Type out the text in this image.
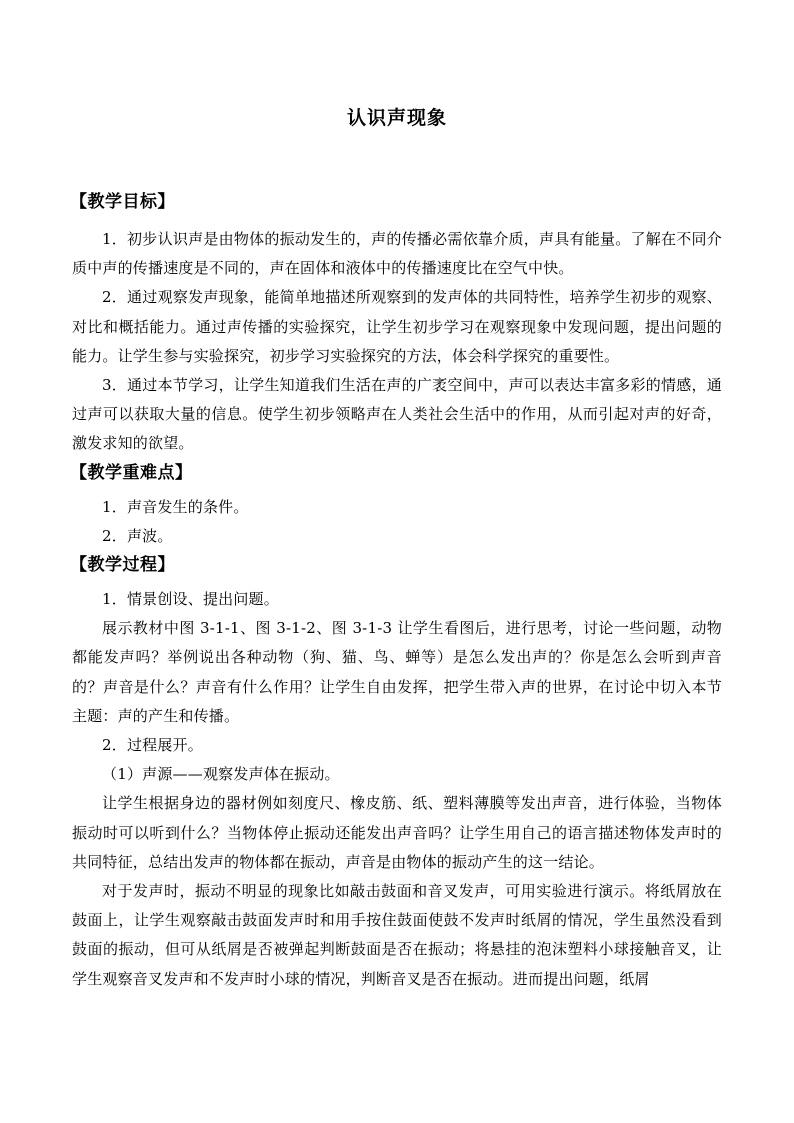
认识声现象

【教学目标】

1．初步认识声是由物体的振动发生的，声的传播必需依靠介质，声具有能量。了解在不同介质中声的传播速度是不同的，声在固体和液体中的传播速度比在空气中快。

2．通过观察发声现象，能简单地描述所观察到的发声体的共同特性，培养学生初步的观察、对比和概括能力。通过声传播的实验探究，让学生初步学习在观察现象中发现问题，提出问题的能力。让学生参与实验探究，初步学习实验探究的方法，体会科学探究的重要性。

3．通过本节学习，让学生知道我们生活在声的广袤空间中，声可以表达丰富多彩的情感，通过声可以获取大量的信息。使学生初步领略声在人类社会生活中的作用，从而引起对声的好奇，激发求知的欲望。

【教学重难点】

1．声音发生的条件。

2．声波。

【教学过程】

1．情景创设、提出问题。

展示教材中图 3-1-1、图 3-1-2、图 3-1-3 让学生看图后，进行思考，讨论一些问题，动物都能发声吗？举例说出各种动物（狗、猫、鸟、蝉等）是怎么发出声的？你是怎么会听到声音的？声音是什么？声音有什么作用？让学生自由发挥，把学生带入声的世界，在讨论中切入本节主题：声的产生和传播。

2．过程展开。

（1）声源——观察发声体在振动。

让学生根据身边的器材例如刻度尺、橡皮筋、纸、塑料薄膜等发出声音，进行体验，当物体振动时可以听到什么？当物体停止振动还能发出声音吗？让学生用自己的语言描述物体发声时的共同特征，总结出发声的物体都在振动，声音是由物体的振动产生的这一结论。

对于发声时，振动不明显的现象比如敲击鼓面和音叉发声，可用实验进行演示。将纸屑放在鼓面上，让学生观察敲击鼓面发声时和用手按住鼓面使鼓不发声时纸屑的情况，学生虽然没看到鼓面的振动，但可从纸屑是否被弹起判断鼓面是否在振动；将悬挂的泡沫塑料小球接触音叉，让学生观察音叉发声和不发声时小球的情况，判断音叉是否在振动。进而提出问题，纸屑
